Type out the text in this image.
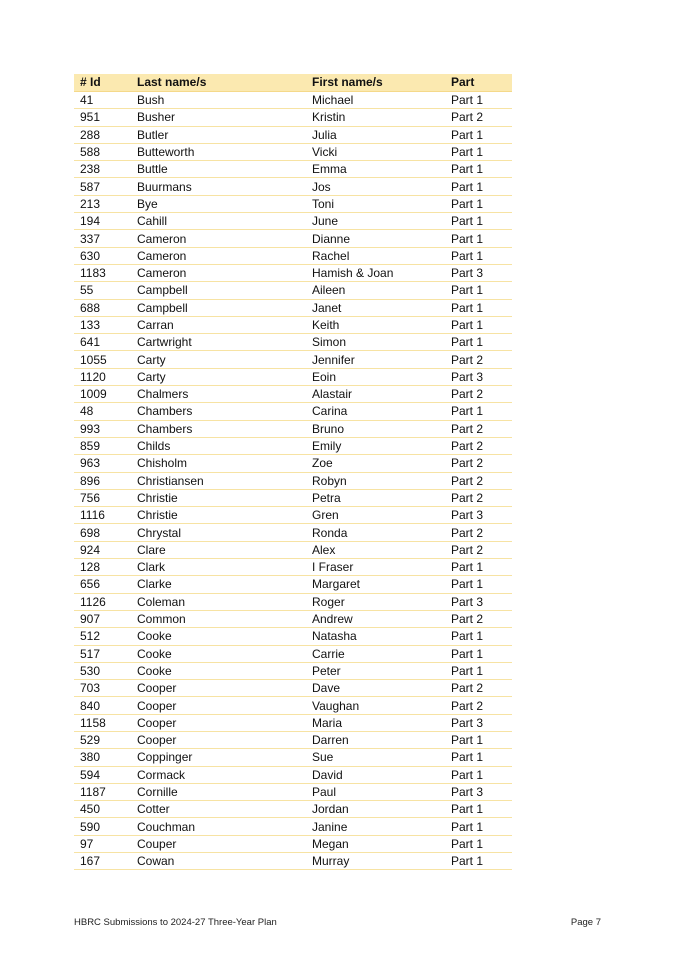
# Id	Last name/s	First name/s	Part
41	Bush	Michael	Part 1
951	Busher	Kristin	Part 2
288	Butler	Julia	Part 1
588	Butteworth	Vicki	Part 1
238	Buttle	Emma	Part 1
587	Buurmans	Jos	Part 1
213	Bye	Toni	Part 1
194	Cahill	June	Part 1
337	Cameron	Dianne	Part 1
630	Cameron	Rachel	Part 1
1183	Cameron	Hamish & Joan	Part 3
55	Campbell	Aileen	Part 1
688	Campbell	Janet	Part 1
133	Carran	Keith	Part 1
641	Cartwright	Simon	Part 1
1055	Carty	Jennifer	Part 2
1120	Carty	Eoin	Part 3
1009	Chalmers	Alastair	Part 2
48	Chambers	Carina	Part 1
993	Chambers	Bruno	Part 2
859	Childs	Emily	Part 2
963	Chisholm	Zoe	Part 2
896	Christiansen	Robyn	Part 2
756	Christie	Petra	Part 2
1116	Christie	Gren	Part 3
698	Chrystal	Ronda	Part 2
924	Clare	Alex	Part 2
128	Clark	I Fraser	Part 1
656	Clarke	Margaret	Part 1
1126	Coleman	Roger	Part 3
907	Common	Andrew	Part 2
512	Cooke	Natasha	Part 1
517	Cooke	Carrie	Part 1
530	Cooke	Peter	Part 1
703	Cooper	Dave	Part 2
840	Cooper	Vaughan	Part 2
1158	Cooper	Maria	Part 3
529	Cooper	Darren	Part 1
380	Coppinger	Sue	Part 1
594	Cormack	David	Part 1
1187	Cornille	Paul	Part 3
450	Cotter	Jordan	Part 1
590	Couchman	Janine	Part 1
97	Couper	Megan	Part 1
167	Cowan	Murray	Part 1
HBRC Submissions to 2024-27 Three-Year Plan	Page 7
